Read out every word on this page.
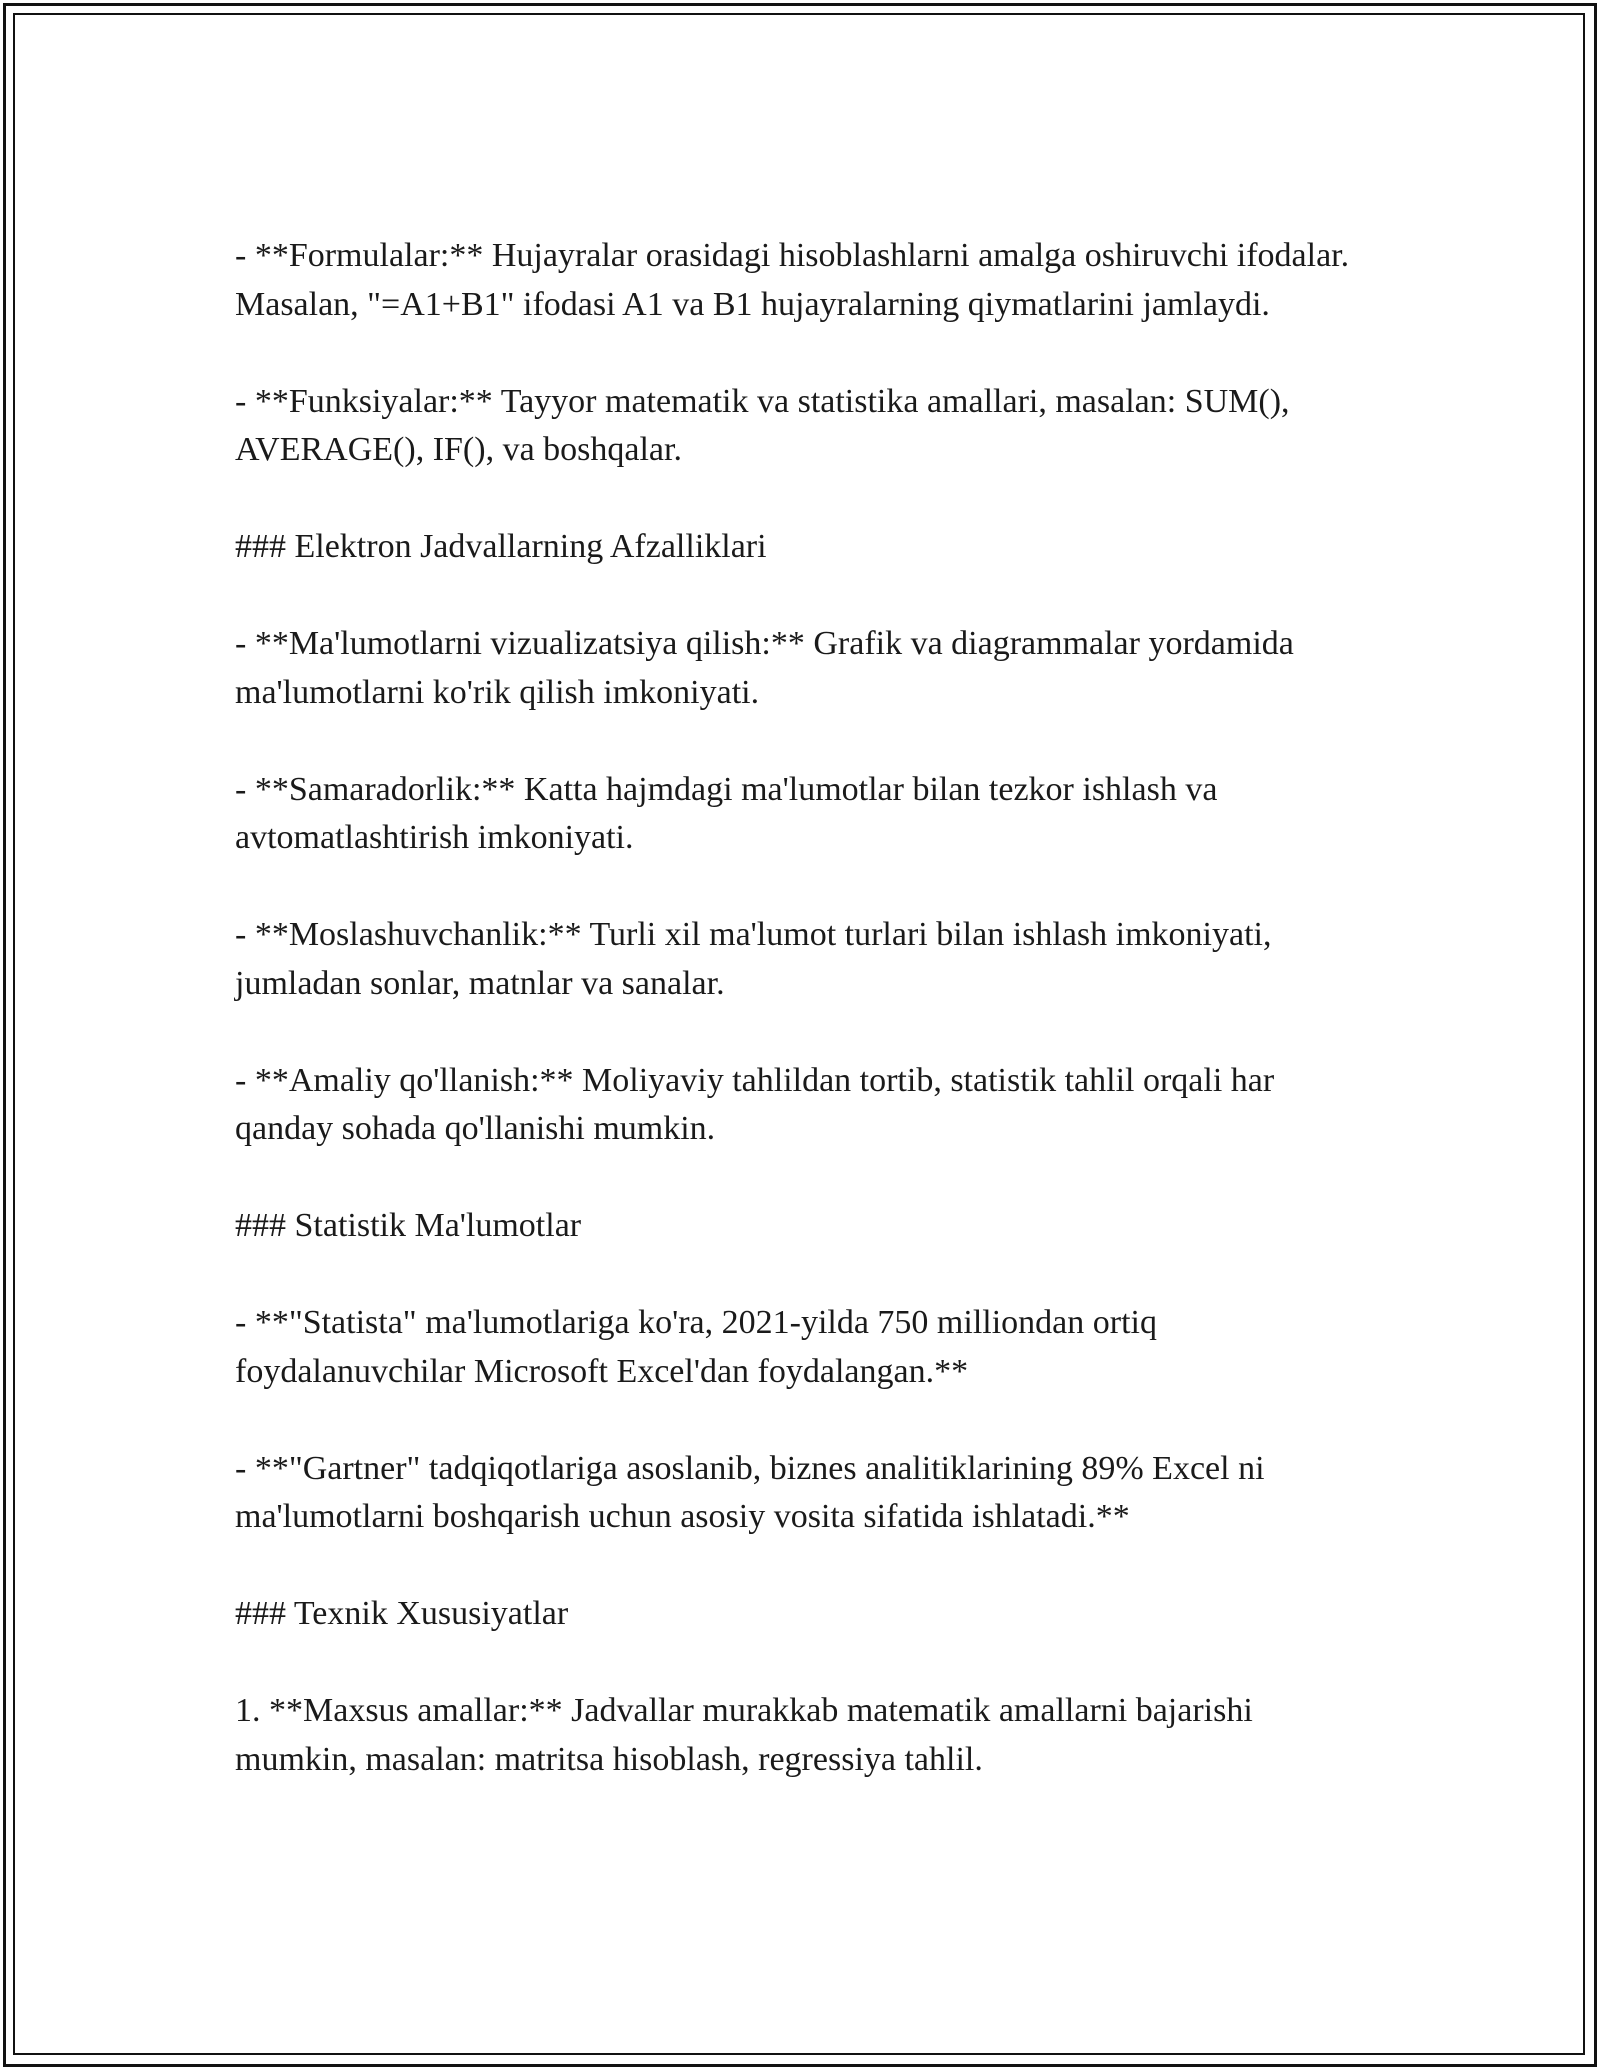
- **Formulalar:** Hujayralar orasidagi hisoblashlarni amalga oshiruvchi ifodalar. Masalan, "=A1+B1" ifodasi A1 va B1 hujayralarning qiymatlarini jamlaydi.

- **Funksiyalar:** Tayyor matematik va statistika amallari, masalan: SUM(), AVERAGE(), IF(), va boshqalar.

### Elektron Jadvallarning Afzalliklari

- **Ma'lumotlarni vizualizatsiya qilish:** Grafik va diagrammalar yordamida ma'lumotlarni ko'rik qilish imkoniyati.

- **Samaradorlik:** Katta hajmdagi ma'lumotlar bilan tezkor ishlash va avtomatlashtirish imkoniyati.

- **Moslashuvchanlik:** Turli xil ma'lumot turlari bilan ishlash imkoniyati, jumladan sonlar, matnlar va sanalar.

- **Amaliy qo'llanish:** Moliyaviy tahlildan tortib, statistik tahlil orqali har qanday sohada qo'llanishi mumkin.

### Statistik Ma'lumotlar

- **"Statista" ma'lumotlariga ko'ra, 2021-yilda 750 milliondan ortiq foydalanuvchilar Microsoft Excel'dan foydalangan.**

- **"Gartner" tadqiqotlariga asoslanib, biznes analitiklarining 89% Excel ni ma'lumotlarni boshqarish uchun asosiy vosita sifatida ishlatadi.**

### Texnik Xususiyatlar

1. **Maxsus amallar:** Jadvallar murakkab matematik amallarni bajarishi mumkin, masalan: matritsa hisoblash, regressiya tahlil.
